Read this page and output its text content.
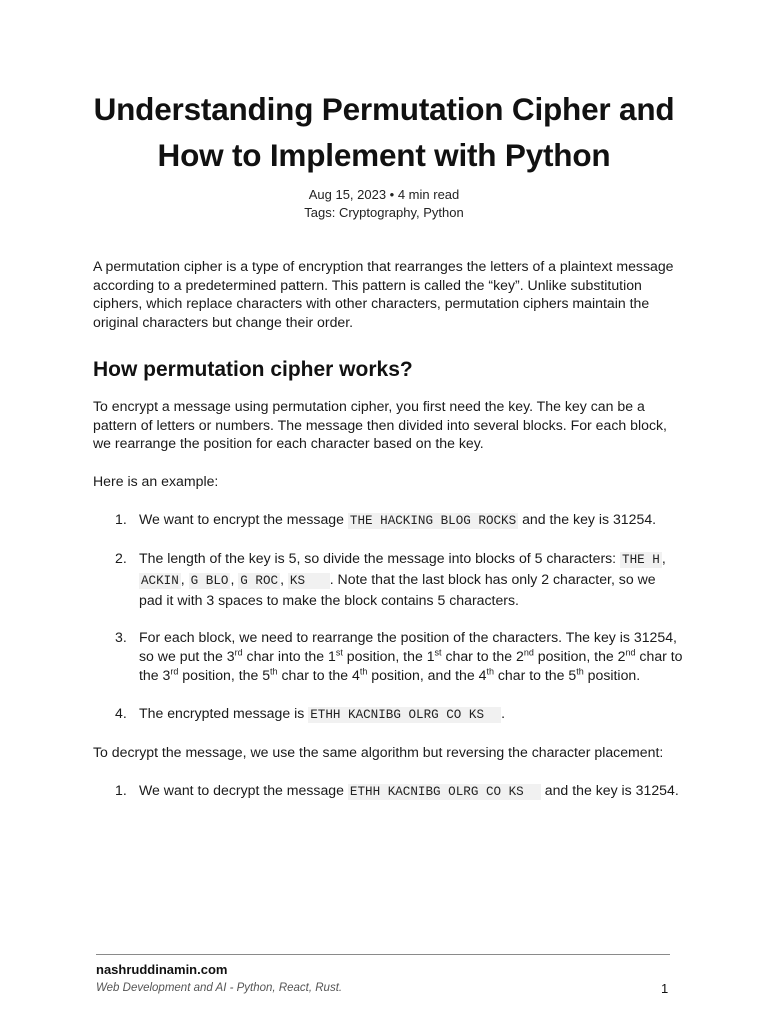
Understanding Permutation Cipher and How to Implement with Python
Aug 15, 2023 • 4 min read
Tags: Cryptography, Python

A permutation cipher is a type of encryption that rearranges the letters of a plaintext message according to a predetermined pattern. This pattern is called the “key”. Unlike substitution ciphers, which replace characters with other characters, permutation ciphers maintain the original characters but change their order.

How permutation cipher works?

To encrypt a message using permutation cipher, you first need the key. The key can be a pattern of letters or numbers. The message then divided into several blocks. For each block, we rearrange the position for each character based on the key.

Here is an example:

1. We want to encrypt the message THE HACKING BLOG ROCKS and the key is 31254.
2. The length of the key is 5, so divide the message into blocks of 5 characters: THE H , ACKIN , G BLO , G ROC , KS   . Note that the last block has only 2 character, so we pad it with 3 spaces to make the block contains 5 characters.
3. For each block, we need to rearrange the position of the characters. The key is 31254, so we put the 3rd char into the 1st position, the 1st char to the 2nd position, the 2nd char to the 3rd position, the 5th char to the 4th position, and the 4th char to the 5th position.
4. The encrypted message is ETHH KACNIBG OLRG CO KS  .

To decrypt the message, we use the same algorithm but reversing the character placement:

1. We want to decrypt the message ETHH KACNIBG OLRG CO KS   and the key is 31254.
nashruddinamin.com
Web Development and AI - Python, React, Rust.	1
